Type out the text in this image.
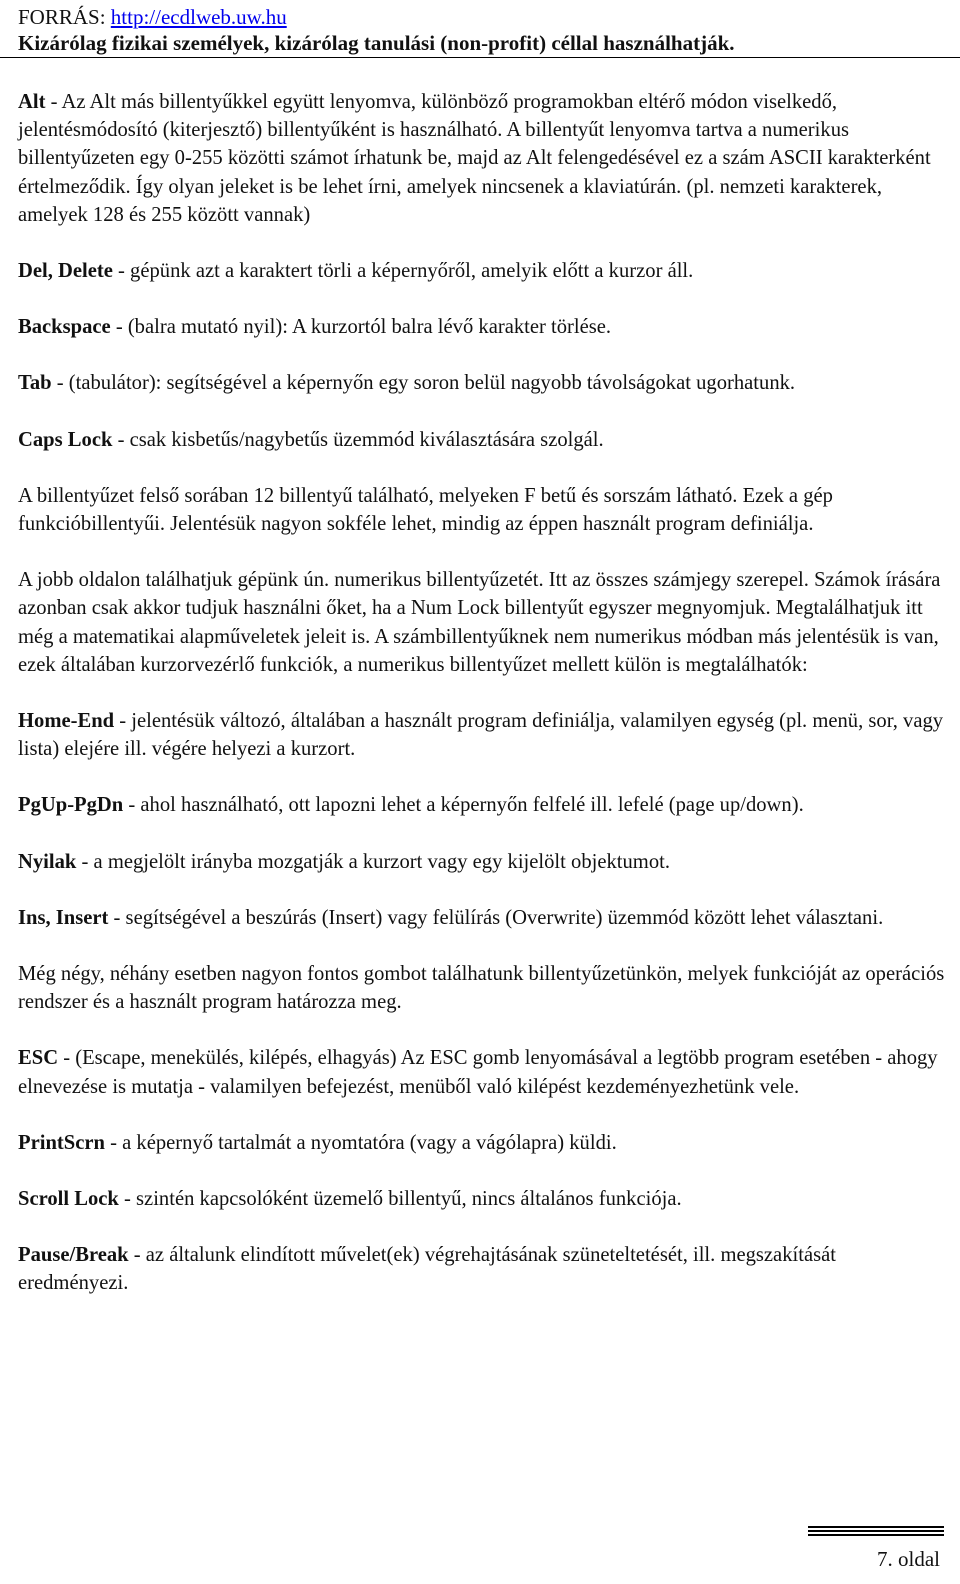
FORRÁS: http://ecdlweb.uw.hu
Kizárólag fizikai személyek, kizárólag tanulási (non-profit) céllal használhatják.

Alt - Az Alt más billentyűkkel együtt lenyomva, különböző programokban eltérő módon viselkedő, jelentésmódosító (kiterjesztő) billentyűként is használható. A billentyűt lenyomva tartva a numerikus billentyűzeten egy 0-255 közötti számot írhatunk be, majd az Alt felengedésével ez a szám ASCII karakterként értelmeződik. Így olyan jeleket is be lehet írni, amelyek nincsenek a klaviatúrán. (pl. nemzeti karakterek, amelyek 128 és 255 között vannak)

Del, Delete - gépünk azt a karaktert törli a képernyőről, amelyik előtt a kurzor áll.

Backspace - (balra mutató nyil): A kurzortól balra lévő karakter törlése.

Tab - (tabulátor): segítségével a képernyőn egy soron belül nagyobb távolságokat ugorhatunk.

Caps Lock - csak kisbetűs/nagybetűs üzemmód kiválasztására szolgál.

A billentyűzet felső sorában 12 billentyű található, melyeken F betű és sorszám látható. Ezek a gép funkcióbillentyűi. Jelentésük nagyon sokféle lehet, mindig az éppen használt program definiálja.

A jobb oldalon találhatjuk gépünk ún. numerikus billentyűzetét. Itt az összes számjegy szerepel. Számok írására azonban csak akkor tudjuk használni őket, ha a Num Lock billentyűt egyszer megnyomjuk. Megtalálhatjuk itt még a matematikai alapműveletek jeleit is. A számbillentyűknek nem numerikus módban más jelentésük is van, ezek általában kurzorvezérlő funkciók, a numerikus billentyűzet mellett külön is megtalálhatók:

Home-End - jelentésük változó, általában a használt program definiálja, valamilyen egység (pl. menü, sor, vagy lista) elejére ill. végére helyezi a kurzort.

PgUp-PgDn - ahol használható, ott lapozni lehet a képernyőn felfelé ill. lefelé (page up/down).

Nyilak - a megjelölt irányba mozgatják a kurzort vagy egy kijelölt objektumot.

Ins, Insert - segítségével a beszúrás (Insert) vagy felülírás (Overwrite) üzemmód között lehet választani.

Még négy, néhány esetben nagyon fontos gombot találhatunk billentyűzetünkön, melyek funkcióját az operációs rendszer és a használt program határozza meg.

ESC - (Escape, menekülés, kilépés, elhagyás) Az ESC gomb lenyomásával a legtöbb program esetében - ahogy elnevezése is mutatja - valamilyen befejezést, menüből való kilépést kezdeményezhetünk vele.

PrintScrn - a képernyő tartalmát a nyomtatóra (vagy a vágólapra) küldi.

Scroll Lock - szintén kapcsolóként üzemelő billentyű, nincs általános funkciója.

Pause/Break - az általunk elindított művelet(ek) végrehajtásának szüneteltetését, ill. megszakítását eredményezi.

7. oldal
